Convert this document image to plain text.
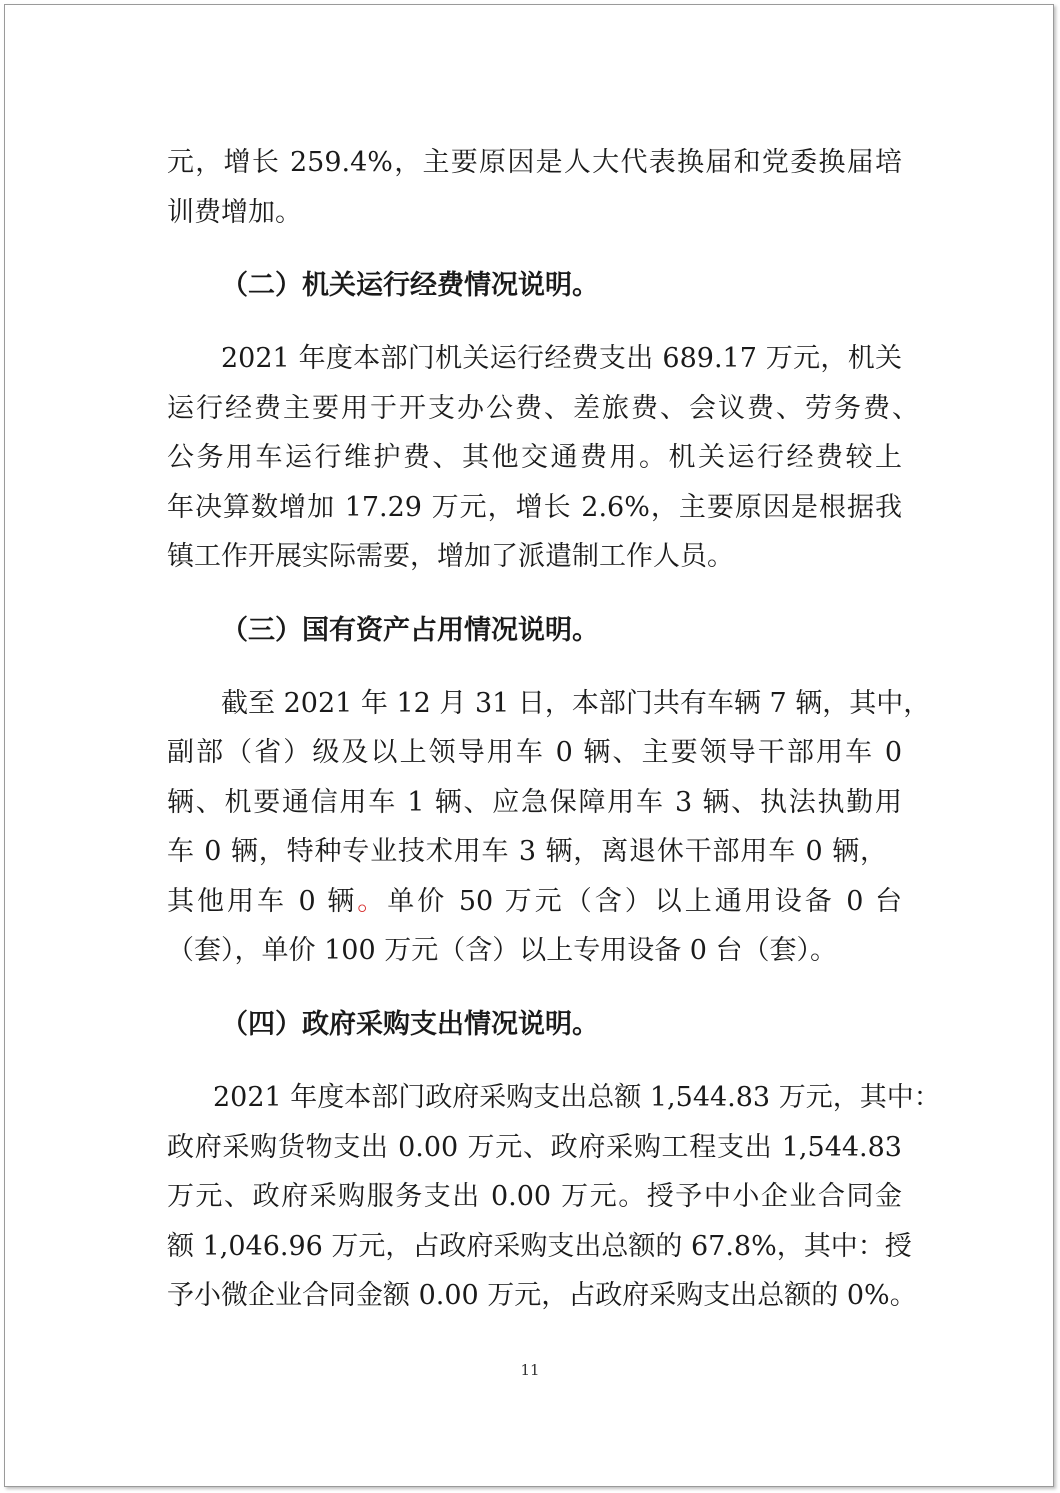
元，增长 259.4%，主要原因是人大代表换届和党委换届培
训费增加。
（二）机关运行经费情况说明。
2021 年度本部门机关运行经费支出 689.17 万元，机关
运行经费主要用于开支办公费、差旅费、会议费、劳务费、
公务用车运行维护费、其他交通费用。机关运行经费较上
年决算数增加 17.29 万元，增长 2.6%，主要原因是根据我
镇工作开展实际需要，增加了派遣制工作人员。
（三）国有资产占用情况说明。
截至 2021 年 12 月 31 日，本部门共有车辆 7 辆，其中，
副部（省）级及以上领导用车 0 辆、主要领导干部用车 0
辆、机要通信用车 1 辆、应急保障用车 3 辆、执法执勤用
车 0 辆，特种专业技术用车 3 辆，离退休干部用车 0 辆，
其他用车 0 辆。单价 50 万元（含）以上通用设备 0 台
（套），单价 100 万元（含）以上专用设备 0 台（套）。
（四）政府采购支出情况说明。
2021 年度本部门政府采购支出总额 1,544.83 万元，其中：
政府采购货物支出 0.00 万元、政府采购工程支出 1,544.83
万元、政府采购服务支出 0.00 万元。授予中小企业合同金
额 1,046.96 万元，占政府采购支出总额的 67.8%，其中：授
予小微企业合同金额 0.00 万元，占政府采购支出总额的 0%。
11
